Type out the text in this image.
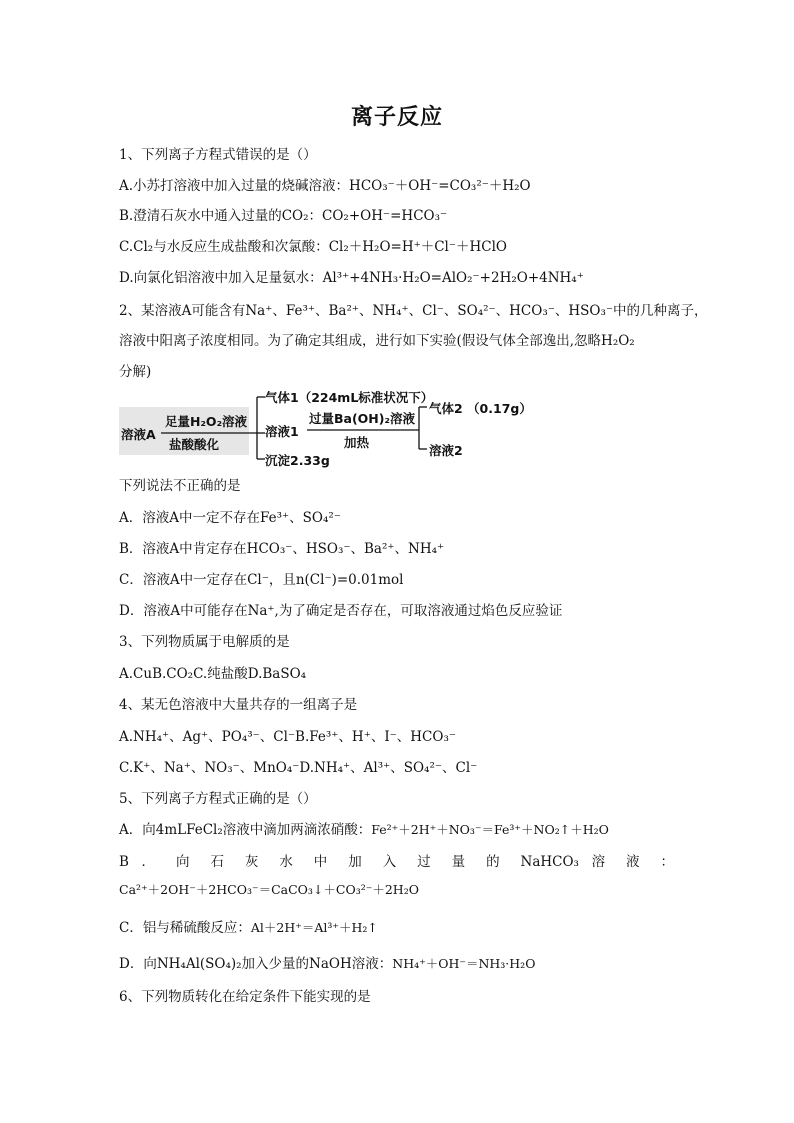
离子反应
1、下列离子方程式错误的是（）
A.小苏打溶液中加入过量的烧碱溶液：HCO₃⁻＋OH⁻=CO₃²⁻＋H₂O
B.澄清石灰水中通入过量的CO₂：CO₂+OH⁻=HCO₃⁻
C.Cl₂与水反应生成盐酸和次氯酸：Cl₂＋H₂O=H⁺＋Cl⁻＋HClO
D.向氯化铝溶液中加入足量氨水：Al³⁺+4NH₃·H₂O=AlO₂⁻+2H₂O+4NH₄⁺
2、某溶液A可能含有Na⁺、Fe³⁺、Ba²⁺、NH₄⁺、Cl⁻、SO₄²⁻、HCO₃⁻、HSO₃⁻中的几种离子，
溶液中阳离子浓度相同。为了确定其组成，进行如下实验(假设气体全部逸出,忽略H₂O₂
分解)
溶液A
足量H₂O₂溶液
盐酸酸化
气体1（224mL标准状况下）
溶液1
过量Ba(OH)₂溶液
加热
气体2 （0.17g）
溶液2
沉淀2.33g
下列说法不正确的是
A．溶液A中一定不存在Fe³⁺、SO₄²⁻
B．溶液A中肯定存在HCO₃⁻、HSO₃⁻、Ba²⁺、NH₄⁺
C．溶液A中一定存在Cl⁻，且n(Cl⁻)=0.01mol
D．溶液A中可能存在Na⁺,为了确定是否存在，可取溶液通过焰色反应验证
3、下列物质属于电解质的是
A.CuB.CO₂C.纯盐酸D.BaSO₄
4、某无色溶液中大量共存的一组离子是
A.NH₄⁺、Ag⁺、PO₄³⁻、Cl⁻B.Fe³⁺、H⁺、I⁻、HCO₃⁻
C.K⁺、Na⁺、NO₃⁻、MnO₄⁻D.NH₄⁺、Al³⁺、SO₄²⁻、Cl⁻
5、下列离子方程式正确的是（）
A．向4mLFeCl₂溶液中滴加两滴浓硝酸：Fe²⁺＋2H⁺＋NO₃⁻＝Fe³⁺＋NO₂↑＋H₂O
B ． 向 石 灰 水 中 加 入 过 量 的 NaHCO₃ 溶 液 ：
Ca²⁺＋2OH⁻＋2HCO₃⁻＝CaCO₃↓＋CO₃²⁻＋2H₂O
C．铝与稀硫酸反应：Al＋2H⁺＝Al³⁺＋H₂↑
D．向NH₄Al(SO₄)₂加入少量的NaOH溶液：NH₄⁺＋OH⁻＝NH₃·H₂O
6、下列物质转化在给定条件下能实现的是
